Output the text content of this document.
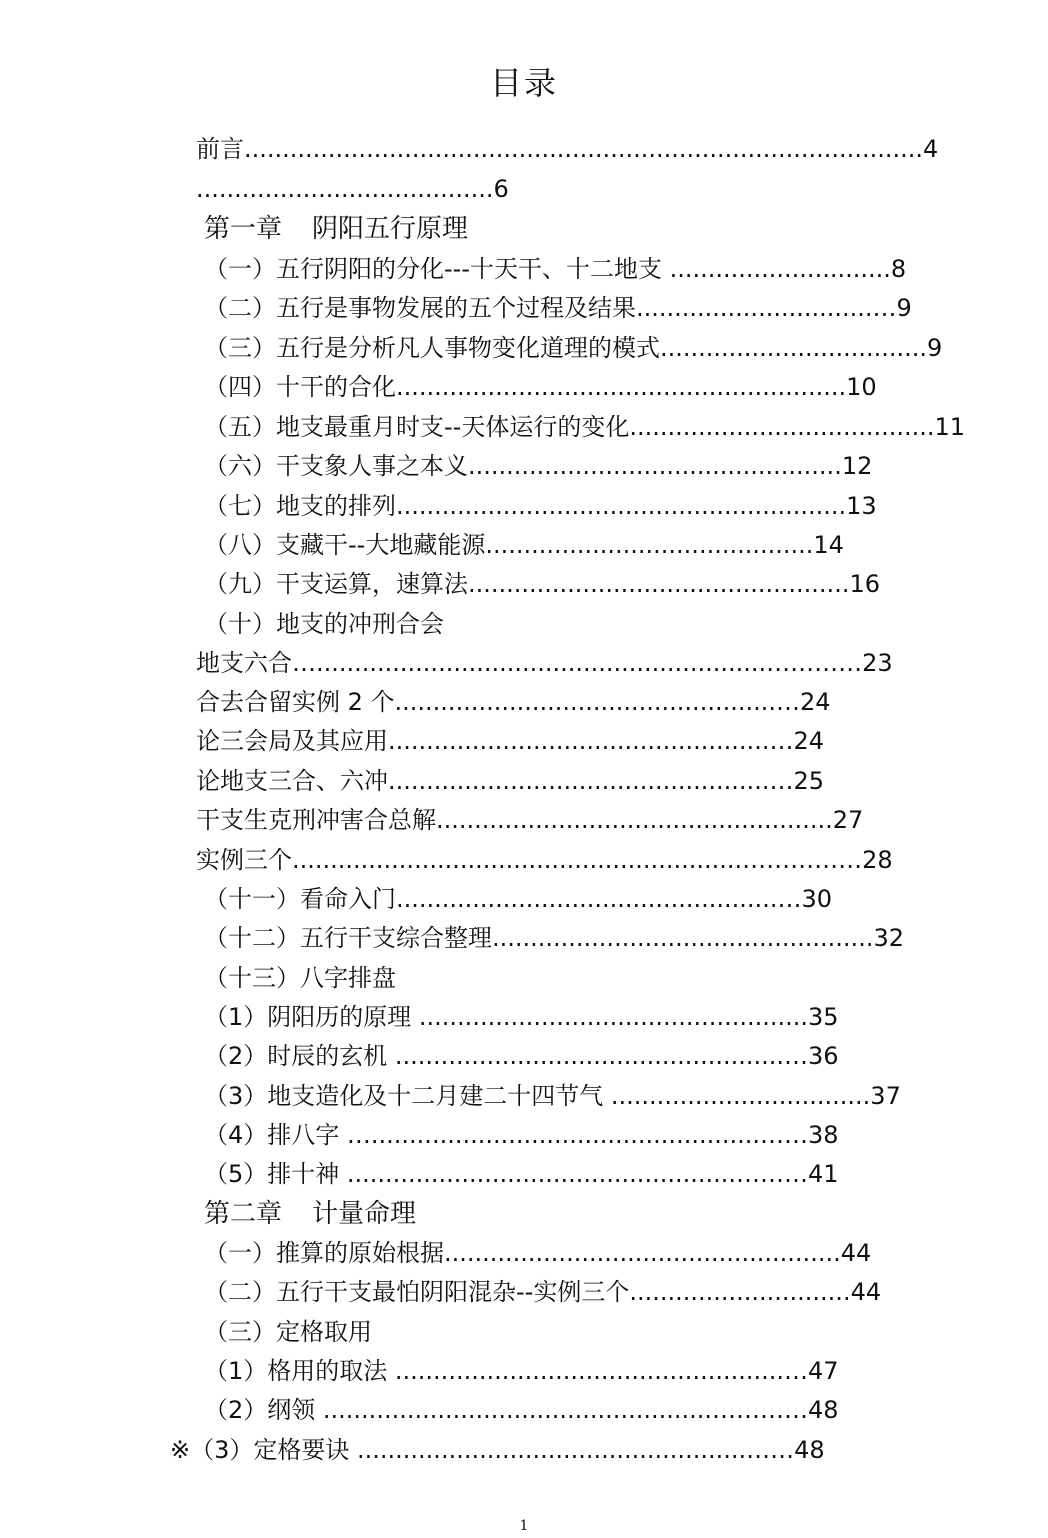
目录
前言.........................................................................................4
.......................................6
第一章 阴阳五行原理
（一）五行阴阳的分化---十天干、十二地支 .............................8
（二）五行是事物发展的五个过程及结果...............................…9
（三）五行是分析凡人事物变化道理的模式...................................9
（四）十干的合化...........................................................10
（五）地支最重月时支--天体运行的变化........................................11
（六）干支象人事之本义.................................................12
（七）地支的排列...........................................................13
（八）支藏干--大地藏能源...........................................14
（九）干支运算，速算法..................................................16
（十）地支的冲刑合会
地支六合…...........................................................…………23
合去合留实例 2 个..................................................…24
论三会局及其应用..................................................…24
论地支三合、六冲..................................................…25
干支生克刑冲害合总解....................................................27
实例三个...........................................................……………28
（十一）看命入门..................................................…30
（十二）五行干支综合整理..................................................32
（十三）八字排盘
（1）阴阳历的原理 ...................................................35
（2）时辰的玄机 ...................................................…36
（3）地支造化及十二月建二十四节气 ..................................37
（4）排八字 …...................................................……38
（5）排十神 ...................................................………41
第二章 计量命理
（一）推算的原始根据....................................................44
（二）五行干支最怕阴阳混杂--实例三个.............................44
（三）定格取用
（1）格用的取法 ...................................................…47
（2）纲领 ...................................................…………48
※（3）定格要诀 ...................................................……48
1
